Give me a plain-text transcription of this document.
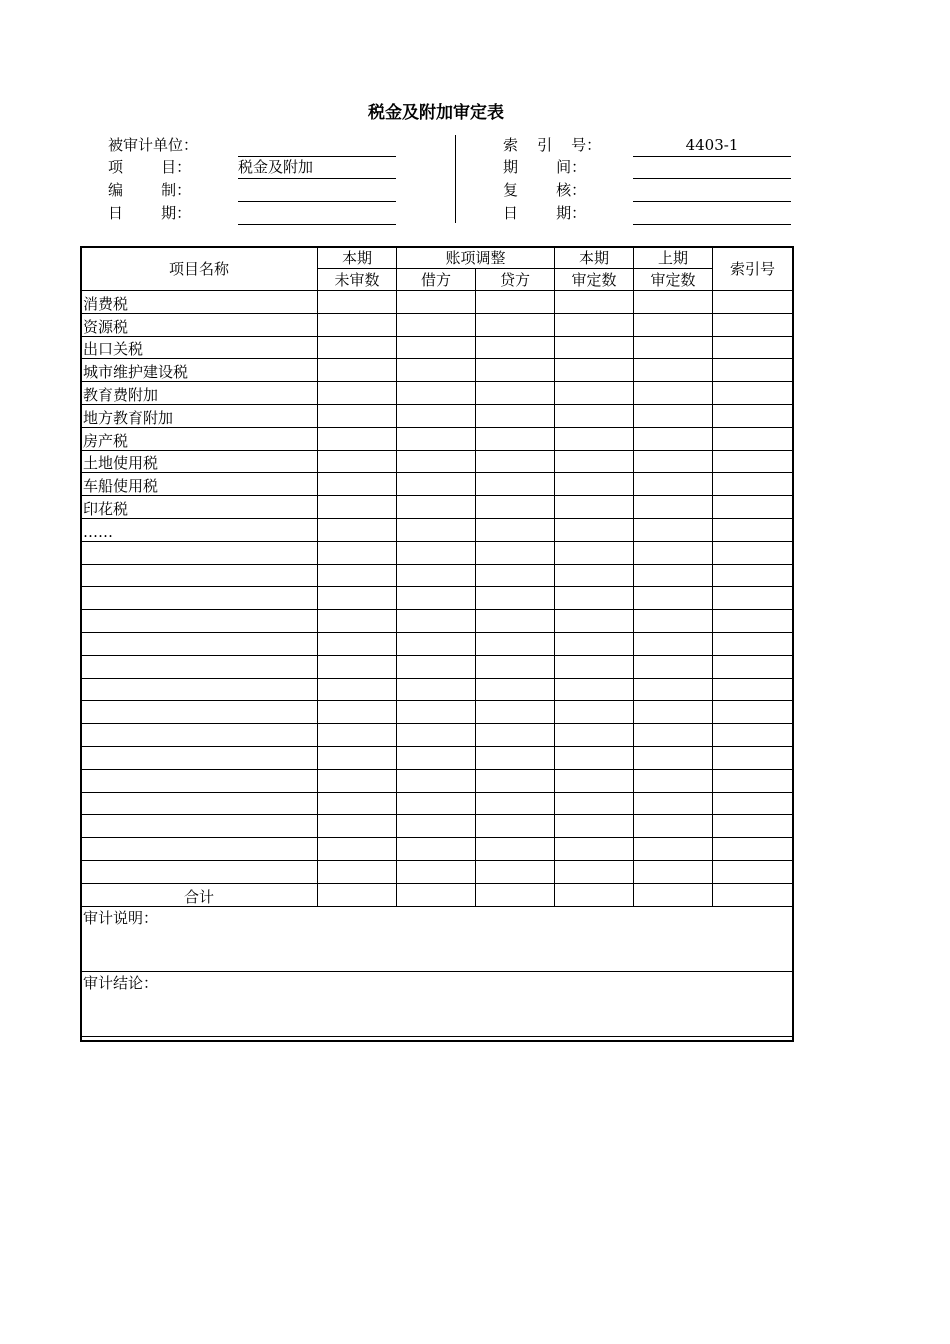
税金及附加审定表
被审计单位：
项        目：	税金及附加
编        制：
日        期：
索    引    号：	4403-1
期        间：
复        核：
日        期：
项目名称	本期	账项调整		本期	上期	索引号
	未审数	借方	贷方	审定数	审定数	
消费税						
资源税						
出口关税						
城市维护建设税						
教育费附加						
地方教育附加						
房产税						
土地使用税						
车船使用税						
印花税						
……						

合计						
审计说明：						
审计结论：						
